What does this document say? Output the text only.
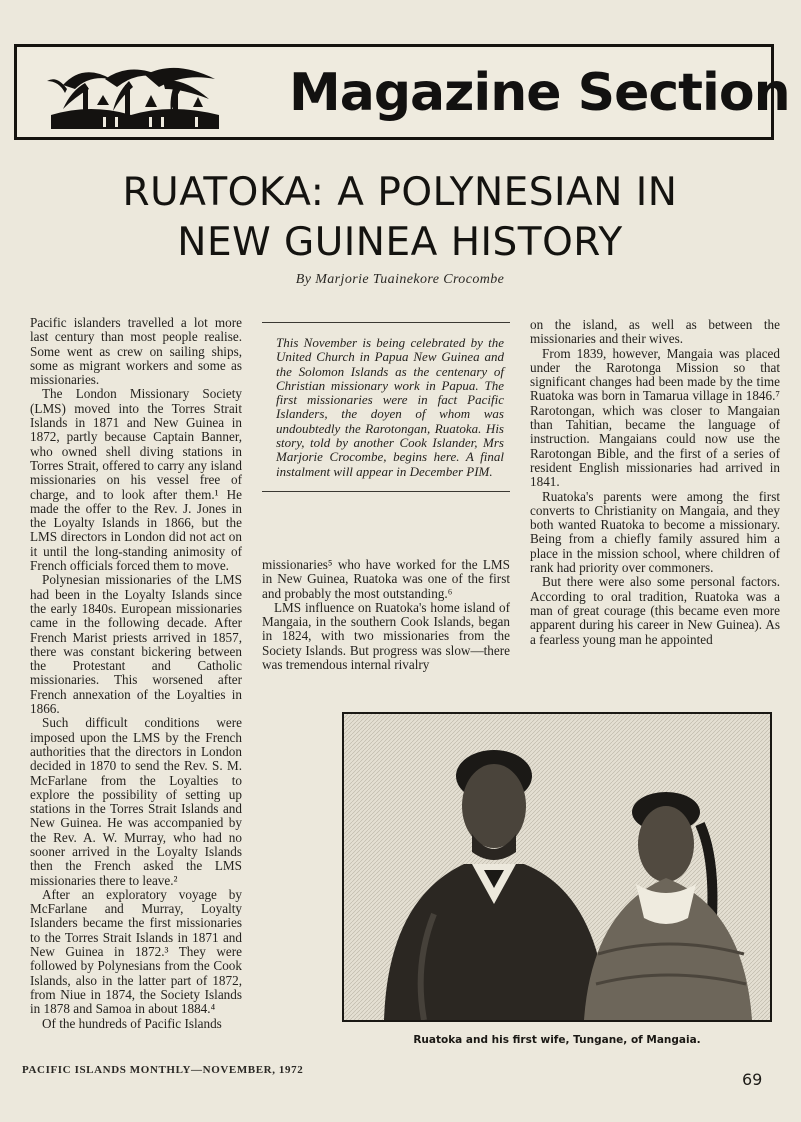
Magazine Section
RUATOKA: A POLYNESIAN IN
NEW GUINEA HISTORY
By Marjorie Tuainekore Crocombe

Pacific islanders travelled a lot more last century than most people realise. Some went as crew on sailing ships, some as migrant workers and some as missionaries.

The London Missionary Society (LMS) moved into the Torres Strait Islands in 1871 and New Guinea in 1872, partly because Captain Banner, who owned shell diving stations in Torres Strait, offered to carry any island missionaries on his vessel free of charge, and to look after them.¹ He made the offer to the Rev. J. Jones in the Loyalty Islands in 1866, but the LMS directors in London did not act on it until the long-standing animosity of French officials forced them to move.

Polynesian missionaries of the LMS had been in the Loyalty Islands since the early 1840s. European missionaries came in the following decade. After French Marist priests arrived in 1857, there was constant bickering between the Protestant and Catholic missionaries. This worsened after French annexation of the Loyalties in 1866.

Such difficult conditions were imposed upon the LMS by the French authorities that the directors in London decided in 1870 to send the Rev. S. M. McFarlane from the Loyalties to explore the possibility of setting up stations in the Torres Strait Islands and New Guinea. He was accompanied by the Rev. A. W. Murray, who had no sooner arrived in the Loyalty Islands then the French asked the LMS missionaries there to leave.²

After an exploratory voyage by McFarlane and Murray, Loyalty Islanders became the first missionaries to the Torres Strait Islands in 1871 and New Guinea in 1872.³ They were followed by Polynesians from the Cook Islands, also in the latter part of 1872, from Niue in 1874, the Society Islands in 1878 and Samoa in about 1884.⁴

Of the hundreds of Pacific Islands

This November is being celebrated by the United Church in Papua New Guinea and the Solomon Islands as the centenary of Christian missionary work in Papua. The first missionaries were in fact Pacific Islanders, the doyen of whom was undoubtedly the Rarotongan, Ruatoka. His story, told by another Cook Islander, Mrs Marjorie Crocombe, begins here. A final instalment will appear in December PIM.

missionaries⁵ who have worked for the LMS in New Guinea, Ruatoka was one of the first and probably the most outstanding.⁶

LMS influence on Ruatoka's home island of Mangaia, in the southern Cook Islands, began in 1824, with two missionaries from the Society Islands. But progress was slow—there was tremendous internal rivalry

on the island, as well as between the missionaries and their wives.

From 1839, however, Mangaia was placed under the Rarotonga Mission so that significant changes had been made by the time Ruatoka was born in Tamarua village in 1846.⁷ Rarotongan, which was closer to Mangaian than Tahitian, became the language of instruction. Mangaians could now use the Rarotongan Bible, and the first of a series of resident English missionaries had arrived in 1841.

Ruatoka's parents were among the first converts to Christianity on Mangaia, and they both wanted Ruatoka to become a missionary. Being from a chiefly family assured him a place in the mission school, where children of rank had priority over commoners.

But there were also some personal factors. According to oral tradition, Ruatoka was a man of great courage (this became even more apparent during his career in New Guinea). As a fearless young man he appointed

Ruatoka and his first wife, Tungane, of Mangaia.
PACIFIC ISLANDS MONTHLY—NOVEMBER, 1972	69
